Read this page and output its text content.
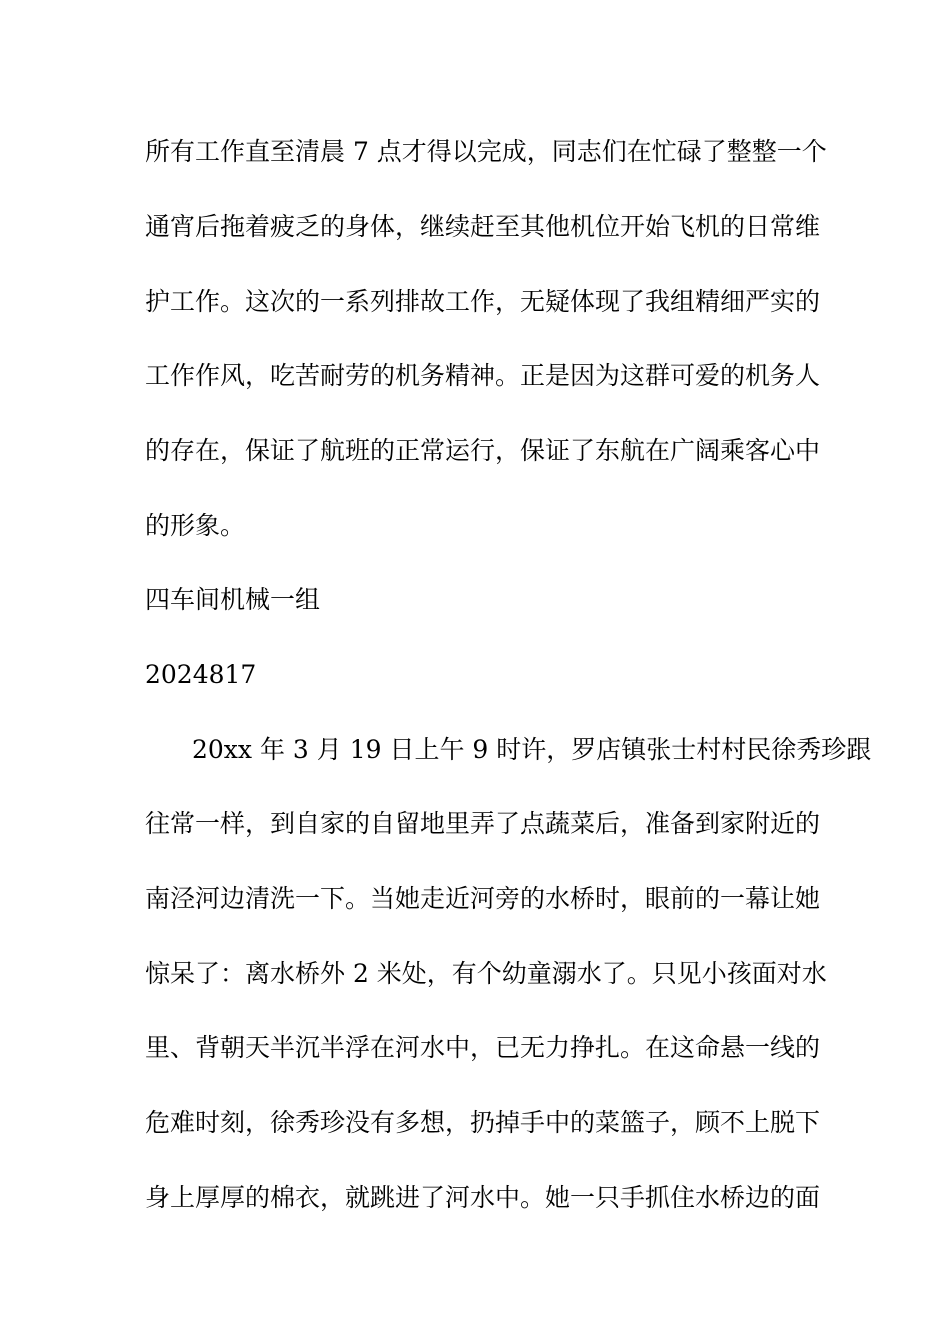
所有工作直至清晨 7 点才得以完成，同志们在忙碌了整整一个
通宵后拖着疲乏的身体，继续赶至其他机位开始飞机的日常维
护工作。这次的一系列排故工作，无疑体现了我组精细严实的
工作作风，吃苦耐劳的机务精神。正是因为这群可爱的机务人
的存在，保证了航班的正常运行，保证了东航在广阔乘客心中
的形象。
四车间机械一组
2024817
20xx 年 3 月 19 日上午 9 时许，罗店镇张士村村民徐秀珍跟
往常一样，到自家的自留地里弄了点蔬菜后，准备到家附近的
南泾河边清洗一下。当她走近河旁的水桥时，眼前的一幕让她
惊呆了：离水桥外 2 米处，有个幼童溺水了。只见小孩面对水
里、背朝天半沉半浮在河水中，已无力挣扎。在这命悬一线的
危难时刻，徐秀珍没有多想，扔掉手中的菜篮子，顾不上脱下
身上厚厚的棉衣，就跳进了河水中。她一只手抓住水桥边的面
